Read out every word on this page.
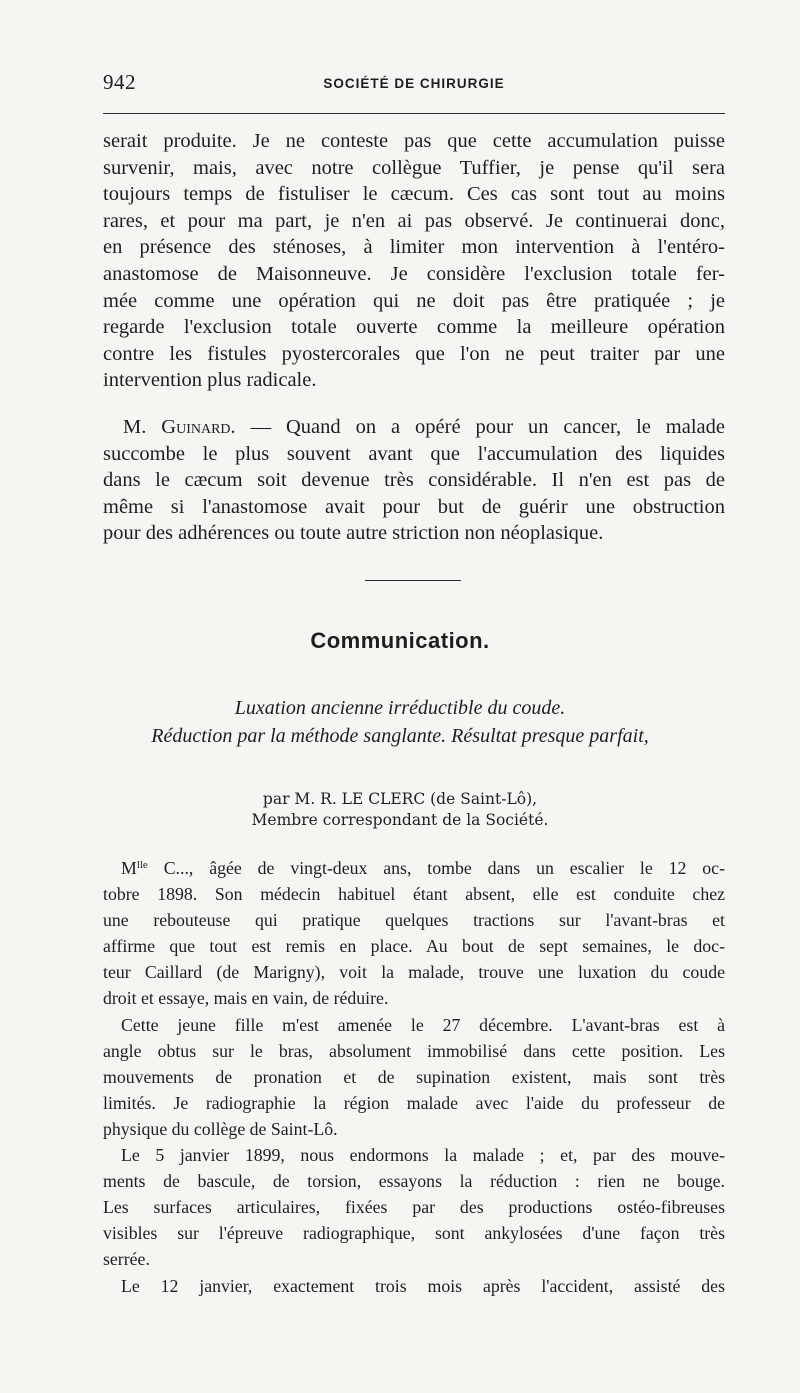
942	SOCIÉTÉ DE CHIRURGIE
serait produite. Je ne conteste pas que cette accumulation puisse
survenir, mais, avec notre collègue Tuffier, je pense qu'il sera
toujours temps de fistuliser le cæcum. Ces cas sont tout au moins
rares, et pour ma part, je n'en ai pas observé. Je continuerai donc,
en présence des sténoses, à limiter mon intervention à l'entéro-
anastomose de Maisonneuve. Je considère l'exclusion totale fer-
mée comme une opération qui ne doit pas être pratiquée ; je
regarde l'exclusion totale ouverte comme la meilleure opération
contre les fistules pyostercorales que l'on ne peut traiter par une
intervention plus radicale.
M. Guinard. — Quand on a opéré pour un cancer, le malade
succombe le plus souvent avant que l'accumulation des liquides
dans le cæcum soit devenue très considérable. Il n'en est pas de
même si l'anastomose avait pour but de guérir une obstruction
pour des adhérences ou toute autre striction non néoplasique.
Communication.
Luxation ancienne irréductible du coude.
Réduction par la méthode sanglante. Résultat presque parfait,
par M. R. LE CLERC (de Saint-Lô),
Membre correspondant de la Société.
$M^{lle}$ C..., âgée de vingt-deux ans, tombe dans un escalier le 12 oc-
tobre 1898. Son médecin habituel étant absent, elle est conduite chez
une rebouteuse qui pratique quelques tractions sur l'avant-bras et
affirme que tout est remis en place. Au bout de sept semaines, le doc-
teur Caillard (de Marigny), voit la malade, trouve une luxation du coude
droit et essaye, mais en vain, de réduire.
Cette jeune fille m'est amenée le 27 décembre. L'avant-bras est à
angle obtus sur le bras, absolument immobilisé dans cette position. Les
mouvements de pronation et de supination existent, mais sont très
limités. Je radiographie la région malade avec l'aide du professeur de
physique du collège de Saint-Lô.
Le 5 janvier 1899, nous endormons la malade ; et, par des mouve-
ments de bascule, de torsion, essayons la réduction : rien ne bouge.
Les surfaces articulaires, fixées par des productions ostéo-fibreuses
visibles sur l'épreuve radiographique, sont ankylosées d'une façon très
serrée.
Le 12 janvier, exactement trois mois après l'accident, assisté des
